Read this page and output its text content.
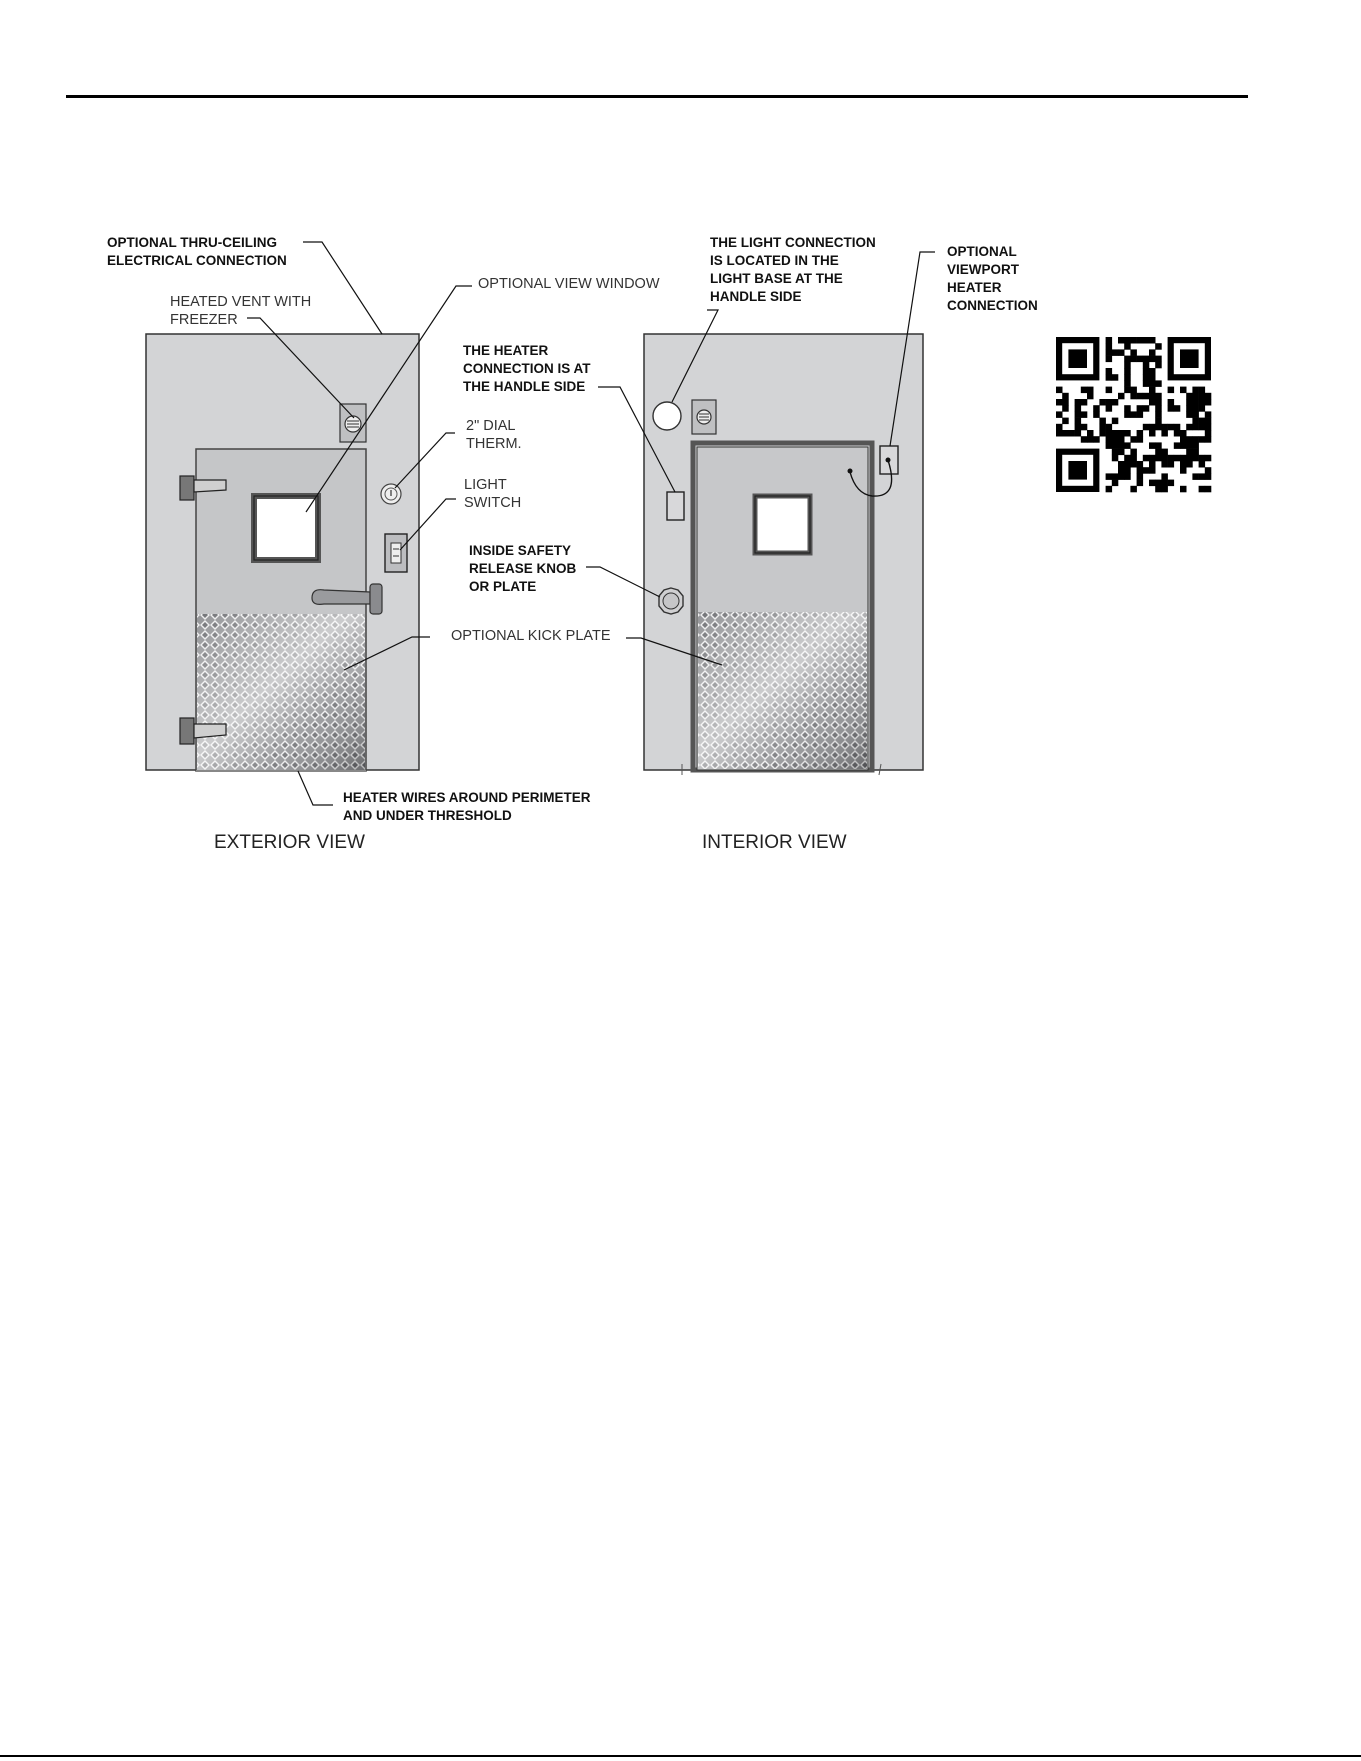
OPTIONAL THRU-CEILING
ELECTRICAL CONNECTION
HEATED VENT WITH
FREEZER
OPTIONAL VIEW WINDOW
2" DIAL
THERM.
LIGHT
SWITCH
OPTIONAL KICK PLATE
HEATER WIRES AROUND PERIMETER
AND UNDER THRESHOLD
THE HEATER
CONNECTION IS AT
THE HANDLE SIDE
INSIDE SAFETY
RELEASE KNOB
OR PLATE
THE LIGHT CONNECTION
IS LOCATED IN THE
LIGHT BASE AT THE
HANDLE SIDE
OPTIONAL
VIEWPORT
HEATER
CONNECTION
EXTERIOR VIEW	INTERIOR VIEW
